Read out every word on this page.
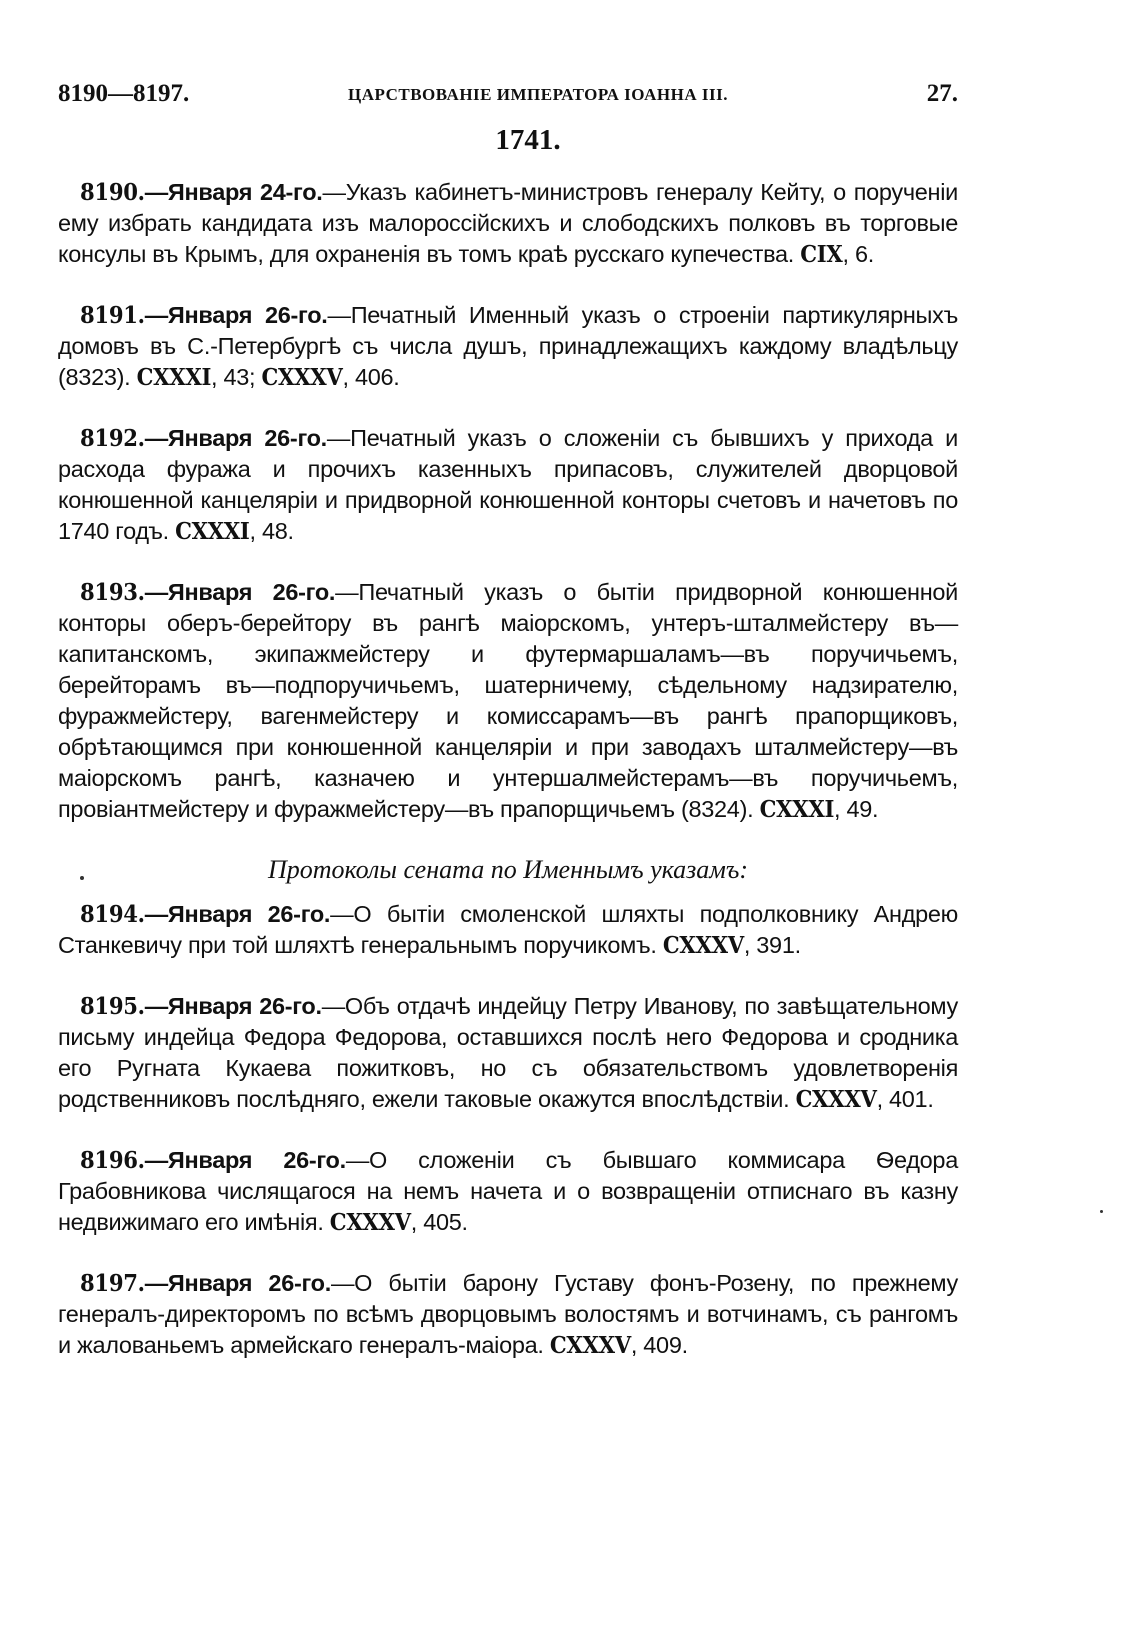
8190—8197.	ЦАРСТВОВАНІЕ ИМПЕРАТОРА ІОАННА III.	27.
1741.

8190.—Января 24-го.—Указъ кабинетъ-министровъ генералу Кейту, о порученіи ему избрать кандидата изъ малороссійскихъ и слободскихъ полковъ въ торговые консулы въ Крымъ, для охраненія въ томъ краѣ русскаго купечества. CIX, 6.

8191.—Января 26-го.—Печатный Именный указъ о строеніи партикулярныхъ домовъ въ С.-Петербургѣ съ числа душъ, принадлежащихъ каждому владѣльцу (8323). CXXXI, 43; CXXXV, 406.

8192.—Января 26-го.—Печатный указъ о сложеніи съ бывшихъ у прихода и расхода фуража и прочихъ казенныхъ припасовъ, служителей дворцовой конюшенной канцеляріи и придворной конюшенной конторы счетовъ и начетовъ по 1740 годъ. CXXXI, 48.

8193.—Января 26-го.—Печатный указъ о бытіи придворной конюшенной конторы оберъ-берейтору въ рангѣ маіорскомъ, унтеръ-шталмейстеру въ—капитанскомъ, экипажмейстеру и футермаршаламъ—въ поручичьемъ, берейторамъ въ—подпоручичьемъ, шатерничему, сѣдельному надзирателю, фуражмейстеру, вагенмейстеру и комиссарамъ—въ рангѣ прапорщиковъ, обрѣтающимся при конюшенной канцеляріи и при заводахъ шталмейстеру—въ маіорскомъ рангѣ, казначею и унтершалмейстерамъ—въ поручичьемъ, провіантмейстеру и фуражмейстеру—въ прапорщичьемъ (8324). CXXXI, 49.

Протоколы сената по Именнымъ указамъ:

8194.—Января 26-го.—О бытіи смоленской шляхты подполковнику Андрею Станкевичу при той шляхтѣ генеральнымъ поручикомъ. CXXXV, 391.

8195.—Января 26-го.—Объ отдачѣ индейцу Петру Иванову, по завѣщательному письму индейца Федора Федорова, оставшихся послѣ него Федорова и сродника его Ругната Кукаева пожитковъ, но съ обязательствомъ удовлетворенія родственниковъ послѣдняго, ежели таковые окажутся впослѣдствіи. CXXXV, 401.

8196.—Января 26-го.—О сложеніи съ бывшаго коммисара Ѳедора Грабовникова числящагося на немъ начета и о возвращеніи отписнаго въ казну недвижимаго его имѣнія. CXXXV, 405.

8197.—Января 26-го.—О бытіи барону Густаву фонъ-Розену, по прежнему генералъ-директоромъ по всѣмъ дворцовымъ волостямъ и вотчинамъ, съ рангомъ и жалованьемъ армейскаго генералъ-маіора. CXXXV, 409.
